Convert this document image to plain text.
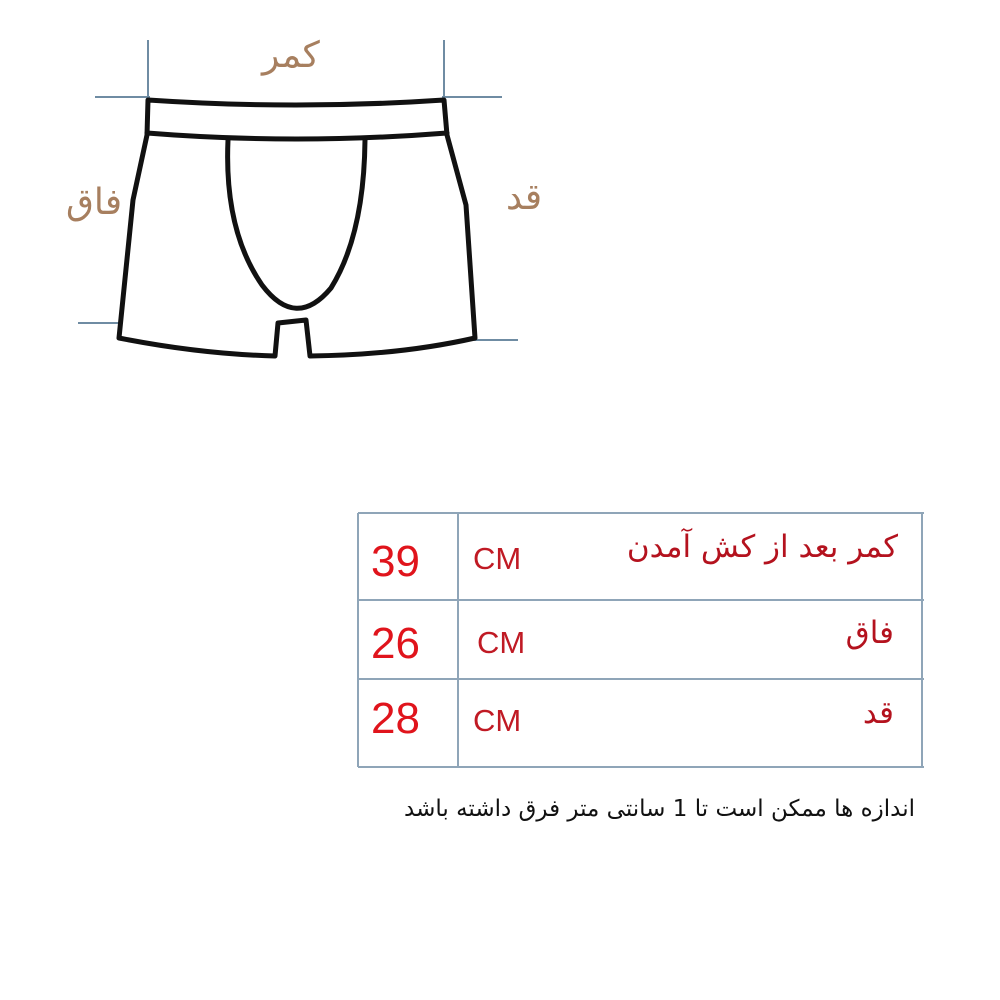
کمر
فاق	قد
39 CM	کمر بعد از کش آمدن
26 CM	فاق
28 CM	قد
اندازه ها ممکن است تا 1 سانتی متر فرق داشته باشد
